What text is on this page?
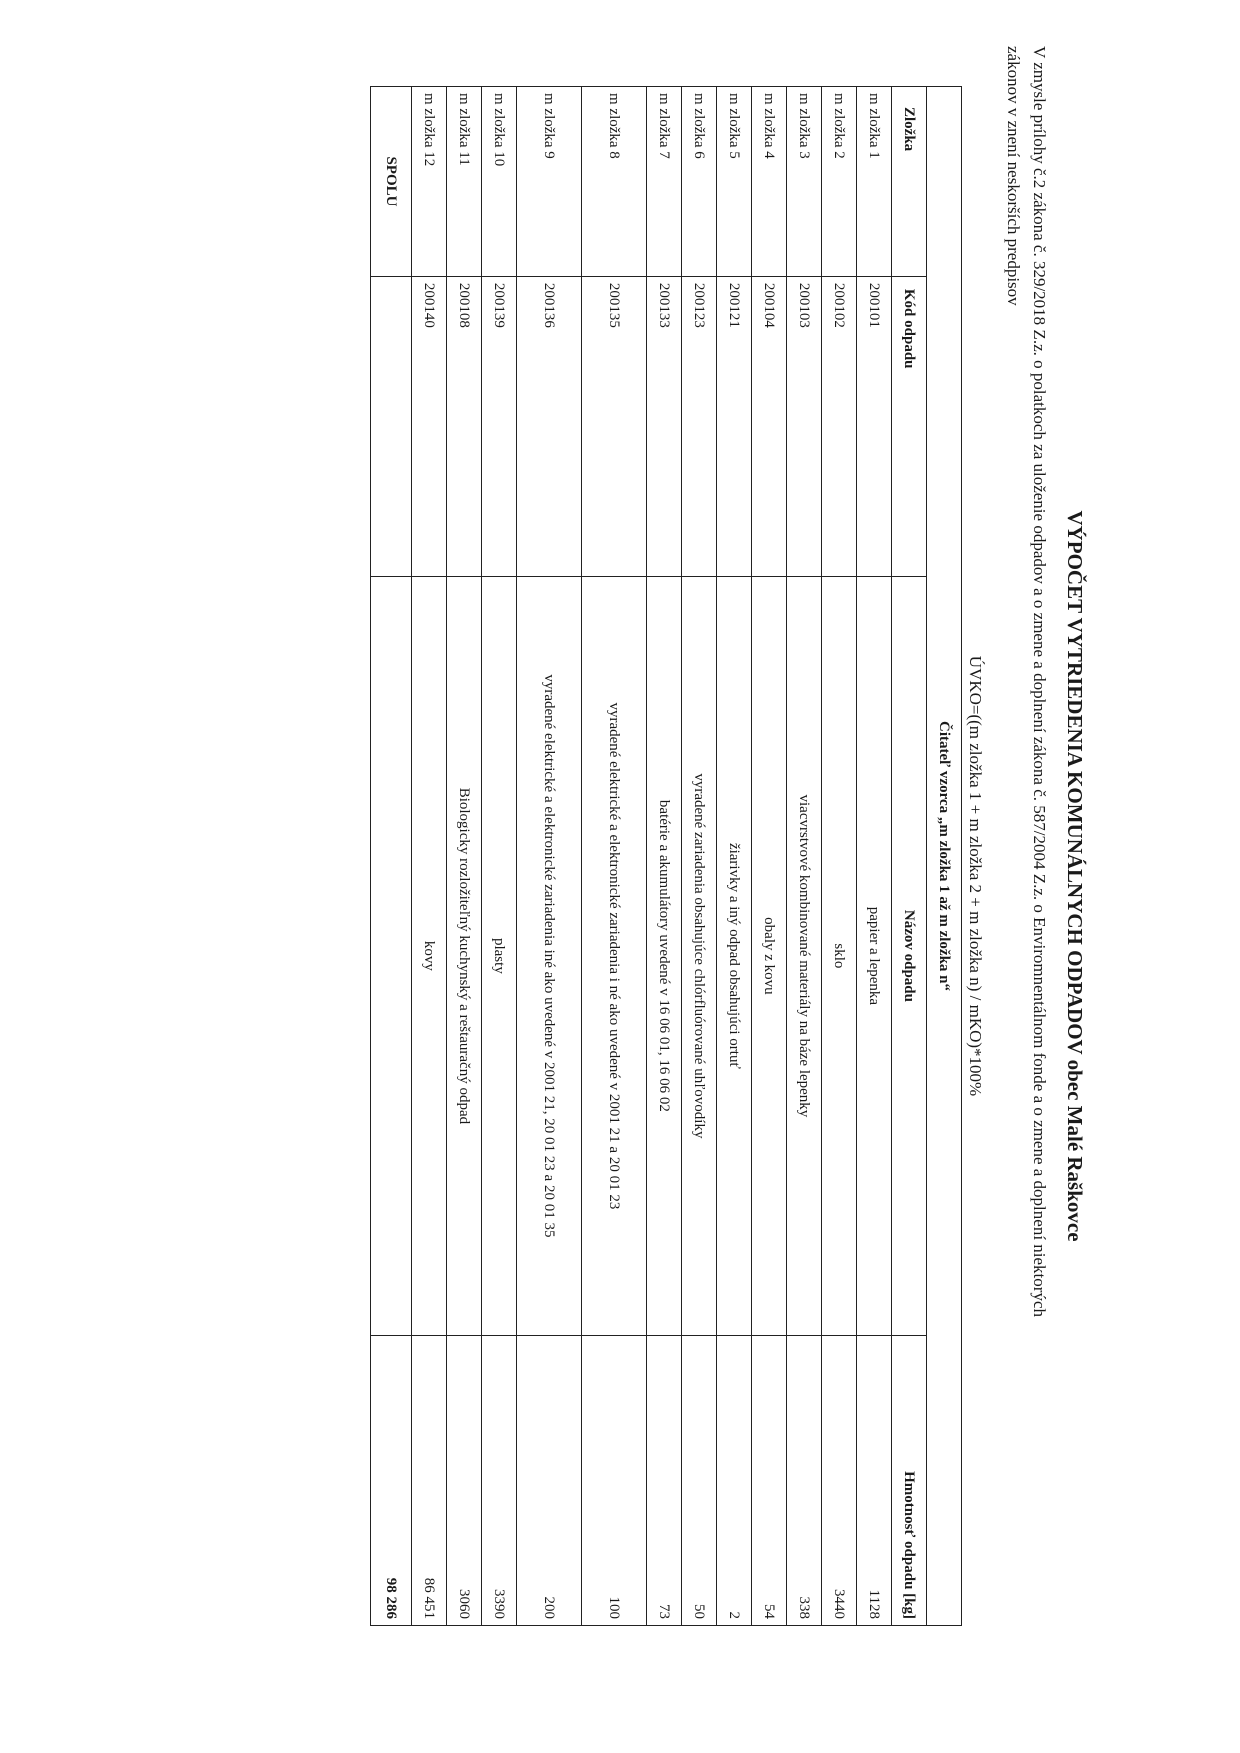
VÝPOČET VYTRIEDENIA KOMUNÁLNYCH ODPADOV obec Malé Raškovce

V zmysle prílohy č.2 zákona č. 329/2018 Z.z. o polatkoch za uloženie odpadov a o zmene a doplnení zákona č. 587/2004 Z.z. o Enviromnentálnom fonde a o zmene a doplnení niektorých
zákonov v znení neskorších predpisov

ÚVKO=((m zložka 1 + m zložka 2 + m zložka n) / mKO)*100%
Čitateľ vzorca „m zložka 1 až m zložka n“			
Zložka	Kód odpadu	Názov odpadu	Hmotnosť odpadu [kg]
m zložka 1	200101	papier a lepenka	1128
m zložka 2	200102	sklo	3440
m zložka 3	200103	viacvrstvové kombinované materiály na báze lepenky	338
m zložka 4	200104	obaly z kovu	54
m zložka 5	200121	žiarivky a iný odpad obsahujúci ortuť	2
m zložka 6	200123	vyradené zariadenia obsahujúce chlórfluórované uhľovodíky	50
m zložka 7	200133	batérie a akumulátory uvedené v 16 06 01, 16 06 02	73
m zložka 8	200135	vyradené elektrické a elektronické zariadenia i né ako uvedené v 2001 21 a 20 01 23	100
m zložka 9	200136	vyradené elektrické a elektronické zariadenia iné ako uvedené v 2001 21, 20 01 23 a 20 01 35	200
m zložka 10	200139	plasty	3390
m zložka 11	200108	Biologicky rozložiteľný kuchynský a reštauračný odpad	3060
m zložka 12	200140	kovy	86 451
SPOLU			98 286
